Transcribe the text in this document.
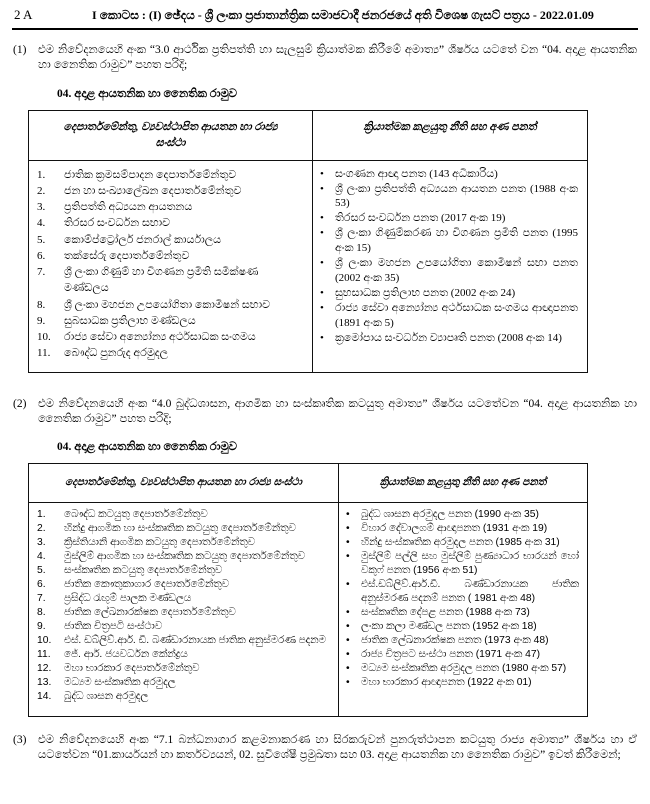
2 A	I කොටස : (I) ඡේදය - ශ්‍රී ලංකා ප්‍රජාතාන්ත්‍රික සමාජවාදී ජනරජයේ අති විශෙෂ ගැසට් පත්‍රය - 2022.01.09
(1)	එම නිවේදනයෙහි අංක “3.0 ආර්ථික ප්‍රතිපත්ති හා සැලසුම් ක්‍රියාත්මක කිරීමේ අමාත්‍ය” ශීර්ෂය යටතේ වන “04. අදාළ ආයතනික හා නෛතික රාමුව” පහත පරිදි;
04. අදාළ ආයතනික හා නෛතික රාමුව
දෙපාර්තමේන්තු, ව්‍යවස්ථාපිත ආයතන හා රාජ්‍ය සංස්ථා	ක්‍රියාත්මක කළයුතු නීති සහ අණ පනත්

1.	ජාතික ක්‍රමසම්පාදන දෙපාර්තමේන්තුව
2.	ජන හා සංඛ්‍යාලේඛන දෙපාර්තමේන්තුව
3.	ප්‍රතිපත්ති අධ්‍යයන ආයතනය
4.	තිරසර සංවර්ධන සභාව
5.	කොම්ප්ට්‍රෝලර් ජනරාල් කාර්යාලය
6.	තක්සේරු දෙපාර්තමේන්තුව
7.	ශ්‍රී ලංකා ගිණුම් හා විගණන ප්‍රමිති සමීක්ෂණ මණ්ඩලය
8.	ශ්‍රී ලංකා මහජන උපයෝගිතා කොමිෂන් සභාව
9.	සුබසාධක ප්‍රතිලාභ මණ්ඩලය
10.	රාජ්‍ය සේවා අන්‍යෝන්‍ය අර්ථසාධක සංගමය
11.	බෞද්ධ පුනරුද අරමුදල

•	සංගණන ආඥා පනත (143 අධිකාරිය)
•	ශ්‍රී ලංකා ප්‍රතිපත්ති අධ්‍යයන ආයතන පනත (1988 අංක 53)
•	තිරසර සංවර්ධන පනත (2017 අංක 19)
•	ශ්‍රී ලංකා ගිණුම්කරණ හා විගණන ප්‍රමිති පනත (1995 අංක 15)
•	ශ්‍රී ලංකා මහජන උපයෝගිතා කොමිෂන් සභා පනත (2002 අංක 35)
•	සුභසාධක ප්‍රතිලාභ පනත (2002 අංක 24)
•	රාජ්‍ය සේවා අන්‍යෝන්‍ය අර්ථසාධක සංගමය ආඥාපනත (1891 අංක 5)
•	ක්‍රමෝපාය සංවර්ධන ව්‍යාපෘති පනත (2008 අංක 14)
(2)	එම නිවේදනයෙහි අංක “4.0 බුද්ධශාසන, ආගමික හා සංස්කෘතික කටයුතු අමාත්‍ය” ශීර්ෂය යටතේවන “04. අදාළ ආයතනික හා නෛතික රාමුව” පහත පරිදි;
04. අදාළ ආයතනික හා නෛතික රාමුව
දෙපාර්තමේන්තු, ව්‍යවස්ථාපිත ආයතන හා රාජ්‍ය සංස්ථා	ක්‍රියාත්මක කළයුතු නීති සහ අණ පනත්

1.	බෞද්ධ කටයුතු දෙපාර්තමේන්තුව
2.	හින්දු ආගමික හා සංස්කෘතික කටයුතු දෙපාර්තමේන්තුව
3.	ක්‍රිස්තියානි ආගමික කටයුතු දෙපාර්තමේන්තුව
4.	මුස්ලිම් ආගමික හා සංස්කෘතික කටයුතු දෙපාර්තමේන්තුව
5.	සංස්කෘතික කටයුතු දෙපාර්තමේන්තුව
6.	ජාතික කෞතුකාගාර දෙපාර්තමේන්තුව
7.	ප්‍රසිද්ධ රැඟුම් පාලක මණ්ඩලය
8.	ජාතික ලේඛනාරක්ෂක දෙපාර්තමේන්තුව
9.	ජාතික චිත්‍රපටි සංස්ථාව
10.	එස්. ඩබ්ලිව්.ආර්. ඩී. බණ්ඩාරනායක ජාතික අනුස්මරණ පදනම
11.	ජේ. ආර්. ජයවර්ධන කේන්ද්‍රය
12.	මහා භාරකාර දෙපාර්තමේන්තුව
13.	මධ්‍යම සංස්කෘතික අරමුදල
14.	බුද්ධ ශාසන අරමුදල

•	බුද්ධ ශාසන අරමුදල පනත (1990 අංක 35)
•	විහාර දේවාලගම් ආඥාපනත (1931 අංක 19)
•	හින්දු සංස්කෘතික අරමුදල පනත (1985 අංක 31)
•	මුස්ලිම් පල්ලි සහ මුස්ලිම් පුණ්‍යාධාර භාරයන් හෝ වකුෆ් පනත (1956 අංක 51)
•	එස්.ඩබ්ලිව්.ආර්.ඩී. බණ්ඩාරනායක ජාතික අනුස්මරණ පදනම් පනත ( 1981 අංක 48)
•	සංස්කෘතික දේපළ පනත (1988 අංක 73)
•	ලංකා කලා මණ්ඩල පනත (1952 අංක 18)
•	ජාතික ලේඛනාරක්ෂක පනත (1973 අංක 48)
•	රාජ්‍ය චිත්‍රපට සංස්ථා පනත (1971 අංක 47)
•	මධ්‍යම සංස්කෘතික අරමුදල පනත (1980 අංක 57)
•	මහා භාරකාර ආඥාපනත (1922 අංක 01)
(3)	එම නිවේදනයෙහි අංක “7.1 බන්ධනාගාර කළමනාකරණ හා සිරකරුවන් පුනරුත්ථාපන කටයුතු රාජ්‍ය අමාත්‍ය” ශීර්ෂය හා ඒ යටතේවන “01.කාර්යයන් හා කර්තව්‍යයන්, 02. සුවිශේෂී ප්‍රමුඛතා සහ 03. අදාළ ආයතනික හා නෛතික රාමුව” ඉවත් කිරීමෙන්;
